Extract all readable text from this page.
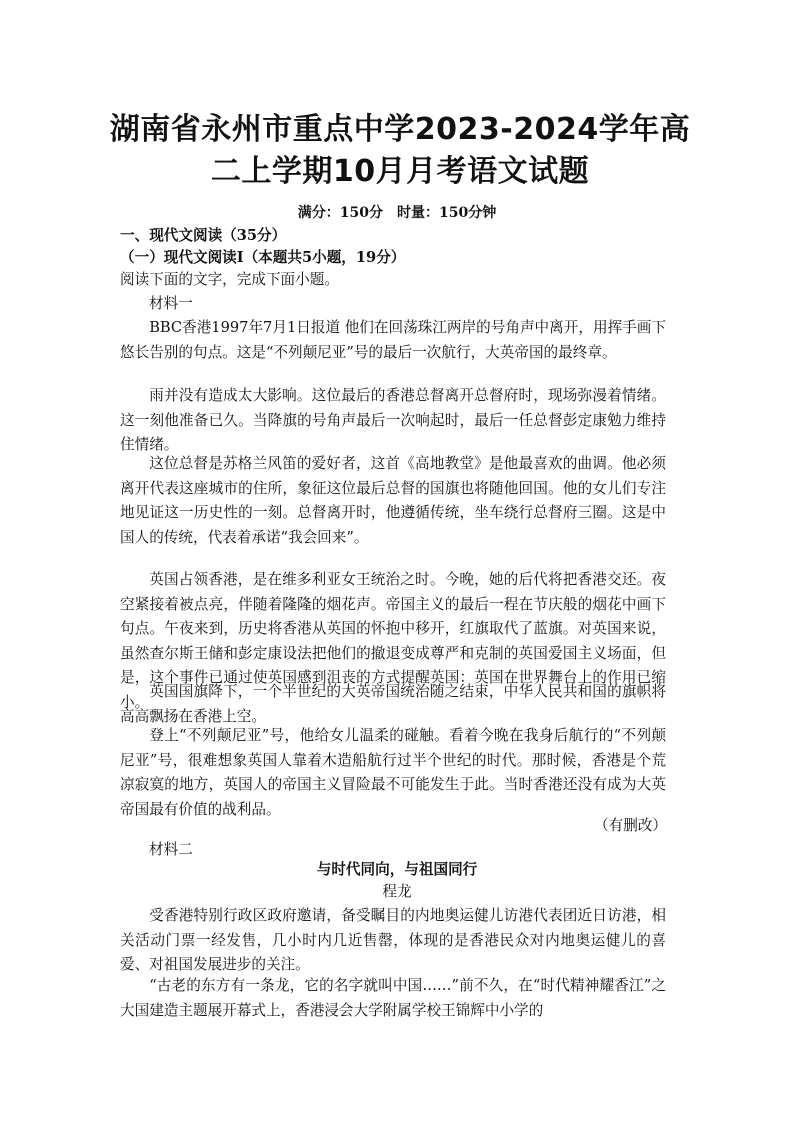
湖南省永州市重点中学2023-2024学年高
二上学期10月月考语文试题
满分：150分 时量：150分钟
一、现代文阅读（35分）
（一）现代文阅读Ⅰ（本题共5小题，19分）
阅读下面的文字，完成下面小题。
材料一

BBC香港1997年7月1日报道 他们在回荡珠江两岸的号角声中离开，用挥手画下悠长告别的句点。这是“不列颠尼亚”号的最后一次航行，大英帝国的最终章。

雨并没有造成太大影响。这位最后的香港总督离开总督府时，现场弥漫着情绪。这一刻他准备已久。当降旗的号角声最后一次响起时，最后一任总督彭定康勉力维持住情绪。

这位总督是苏格兰风笛的爱好者，这首《高地教堂》是他最喜欢的曲调。他必须离开代表这座城市的住所，象征这位最后总督的国旗也将随他回国。他的女儿们专注地见证这一历史性的一刻。总督离开时，他遵循传统，坐车绕行总督府三圈。这是中国人的传统，代表着承诺“我会回来”。

英国占领香港，是在维多利亚女王统治之时。今晚，她的后代将把香港交还。夜空紧接着被点亮，伴随着隆隆的烟花声。帝国主义的最后一程在节庆般的烟花中画下句点。午夜来到，历史将香港从英国的怀抱中移开，红旗取代了蓝旗。对英国来说，虽然查尔斯王储和彭定康设法把他们的撤退变成尊严和克制的英国爱国主义场面，但是，这个事件已通过使英国感到沮丧的方式提醒英国：英国在世界舞台上的作用已缩小。

英国国旗降下，一个半世纪的大英帝国统治随之结束，中华人民共和国的旗帜将高高飘扬在香港上空。

登上“不列颠尼亚”号，他给女儿温柔的碰触。看着今晚在我身后航行的“不列颠尼亚”号，很难想象英国人靠着木造船航行过半个世纪的时代。那时候，香港是个荒凉寂寞的地方，英国人的帝国主义冒险最不可能发生于此。当时香港还没有成为大英帝国最有价值的战利品。

（有删改）
材料二
与时代同向，与祖国同行
程龙

受香港特别行政区政府邀请，备受瞩目的内地奥运健儿访港代表团近日访港，相关活动门票一经发售，几小时内几近售罄，体现的是香港民众对内地奥运健儿的喜爱、对祖国发展进步的关注。

“古老的东方有一条龙，它的名字就叫中国……”前不久，在“时代精神耀香江”之大国建造主题展开幕式上，香港浸会大学附属学校王锦辉中小学的
